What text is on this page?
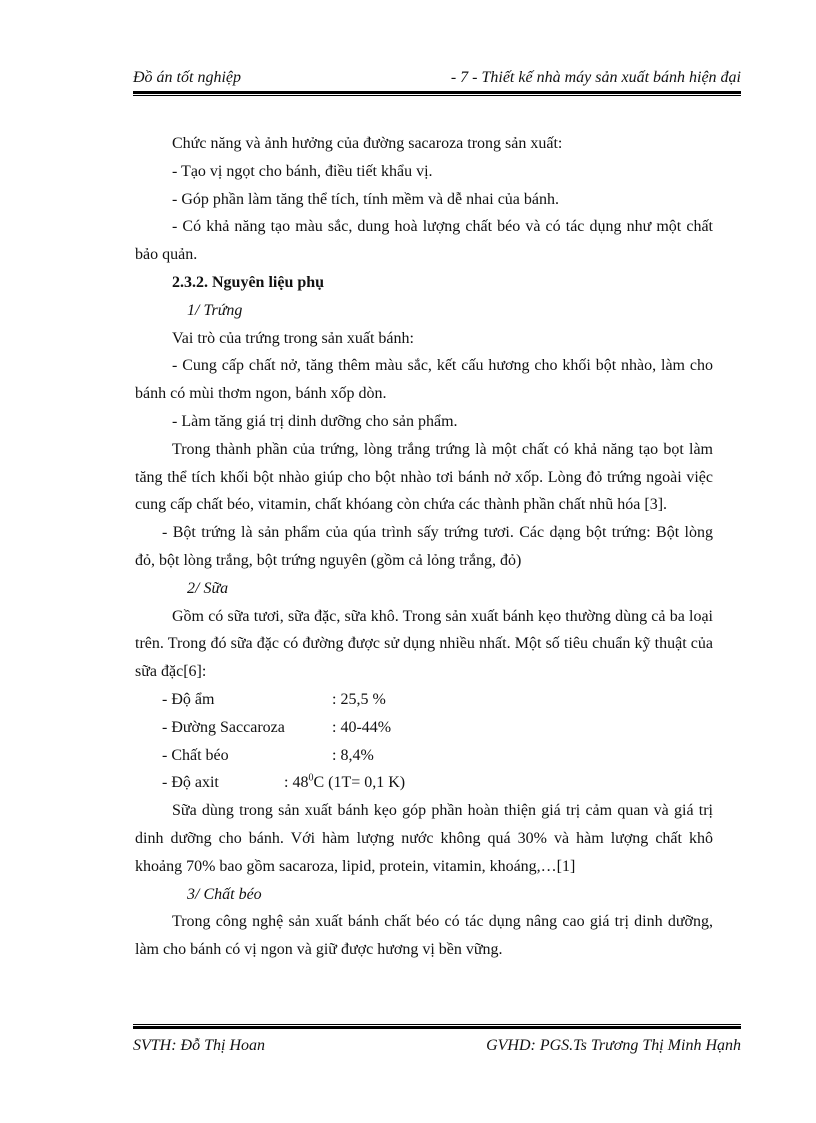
Đồ án tốt nghiệp	- 7 - Thiết kế nhà máy sản xuất bánh hiện đại

Chức năng và ảnh hưởng của đường sacaroza trong sản xuất:

- Tạo vị ngọt cho bánh, điều tiết khẩu vị.

- Góp phần làm tăng thể tích, tính mềm và dễ nhai của bánh.

- Có khả năng tạo màu sắc, dung hoà lượng chất béo và có tác dụng như một chất bảo quản.

2.3.2. Nguyên liệu phụ

1/ Trứng

Vai trò của trứng trong sản xuất bánh:

- Cung cấp chất nở, tăng thêm màu sắc, kết cấu hương cho khối bột nhào, làm cho bánh có mùi thơm ngon, bánh xốp dòn.

- Làm tăng giá trị dinh dưỡng cho sản phẩm.

Trong thành phần của trứng, lòng trắng trứng là một chất có khả năng tạo bọt làm tăng thể tích khối bột nhào giúp cho bột nhào tơi bánh nở xốp. Lòng đỏ trứng ngoài việc cung cấp chất béo, vitamin, chất khóang còn chứa các thành phần chất nhũ hóa [3].

- Bột trứng là sản phẩm của qúa trình sấy trứng tươi. Các dạng bột trứng: Bột lòng đỏ, bột lòng trắng, bột trứng nguyên (gồm cả lỏng trắng, đỏ)

2/ Sữa

Gồm có sữa tươi, sữa đặc, sữa khô. Trong sản xuất bánh kẹo thường dùng cả ba loại trên. Trong đó sữa đặc có đường được sử dụng nhiều nhất. Một số tiêu chuẩn kỹ thuật của sữa đặc[6]:

- Độ ẩm	: 25,5 %
- Đường Saccaroza	: 40-44%
- Chất béo	: 8,4%
- Độ axit	: $48^0C$ (1T= 0,1 K)

Sữa dùng trong sản xuất bánh kẹo góp phần hoàn thiện giá trị cảm quan và giá trị dinh dưỡng cho bánh. Với hàm lượng nước không quá 30% và hàm lượng chất khô khoảng 70% bao gồm sacaroza, lipid, protein, vitamin, khoáng,…[1]

3/ Chất béo

Trong công nghệ sản xuất bánh chất béo có tác dụng nâng cao giá trị dinh dưỡng, làm cho bánh có vị ngon và giữ được hương vị bền vững.

SVTH: Đỗ Thị Hoan	GVHD: PGS.Ts Trương Thị Minh Hạnh
